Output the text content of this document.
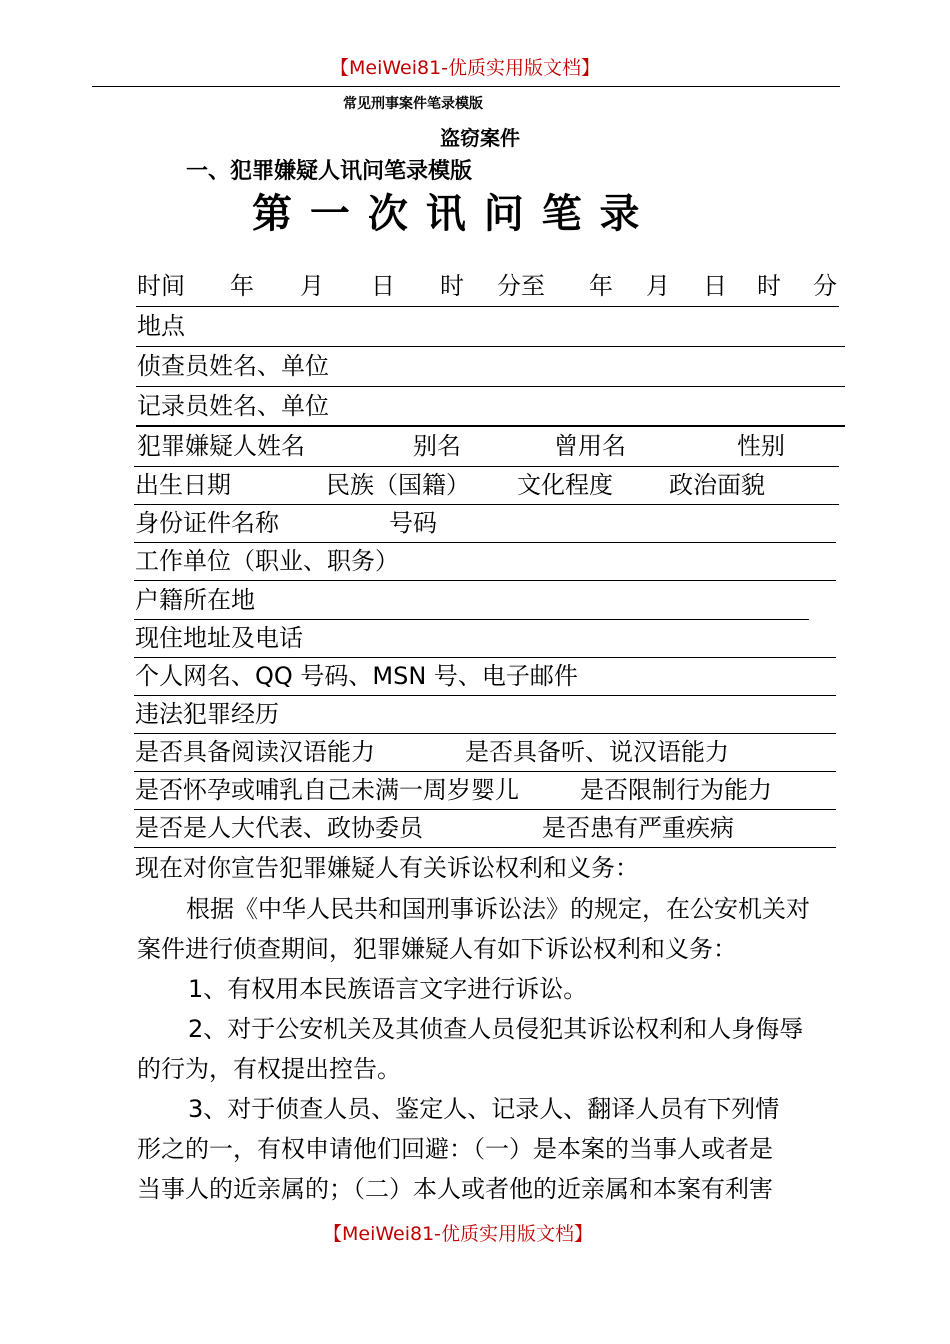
【MeiWei81-优质实用版文档】
常见刑事案件笔录模版
盗窃案件
一、犯罪嫌疑人讯问笔录模版
第 一 次 讯 问 笔 录
时间 年 月 日 时 分至 年 月 日 时 分
地点
侦查员姓名、单位
记录员姓名、单位
犯罪嫌疑人姓名	别名	曾用名	性别
出生日期	民族（国籍） 文化程度 政治面貌
身份证件名称	号码
工作单位（职业、职务）
户籍所在地
现住地址及电话
个人网名、QQ 号码、MSN 号、电子邮件
违法犯罪经历
是否具备阅读汉语能力	是否具备听、说汉语能力
是否怀孕或哺乳自己未满一周岁婴儿	是否限制行为能力
是否是人大代表、政协委员	是否患有严重疾病
现在对你宣告犯罪嫌疑人有关诉讼权利和义务：
根据《中华人民共和国刑事诉讼法》的规定，在公安机关对
案件进行侦查期间，犯罪嫌疑人有如下诉讼权利和义务：
1、有权用本民族语言文字进行诉讼。
2、对于公安机关及其侦查人员侵犯其诉讼权利和人身侮辱
的行为，有权提出控告。
3、对于侦查人员、鉴定人、记录人、翻译人员有下列情
形之的一，有权申请他们回避：（一）是本案的当事人或者是
当事人的近亲属的；（二）本人或者他的近亲属和本案有利害
【MeiWei81-优质实用版文档】
